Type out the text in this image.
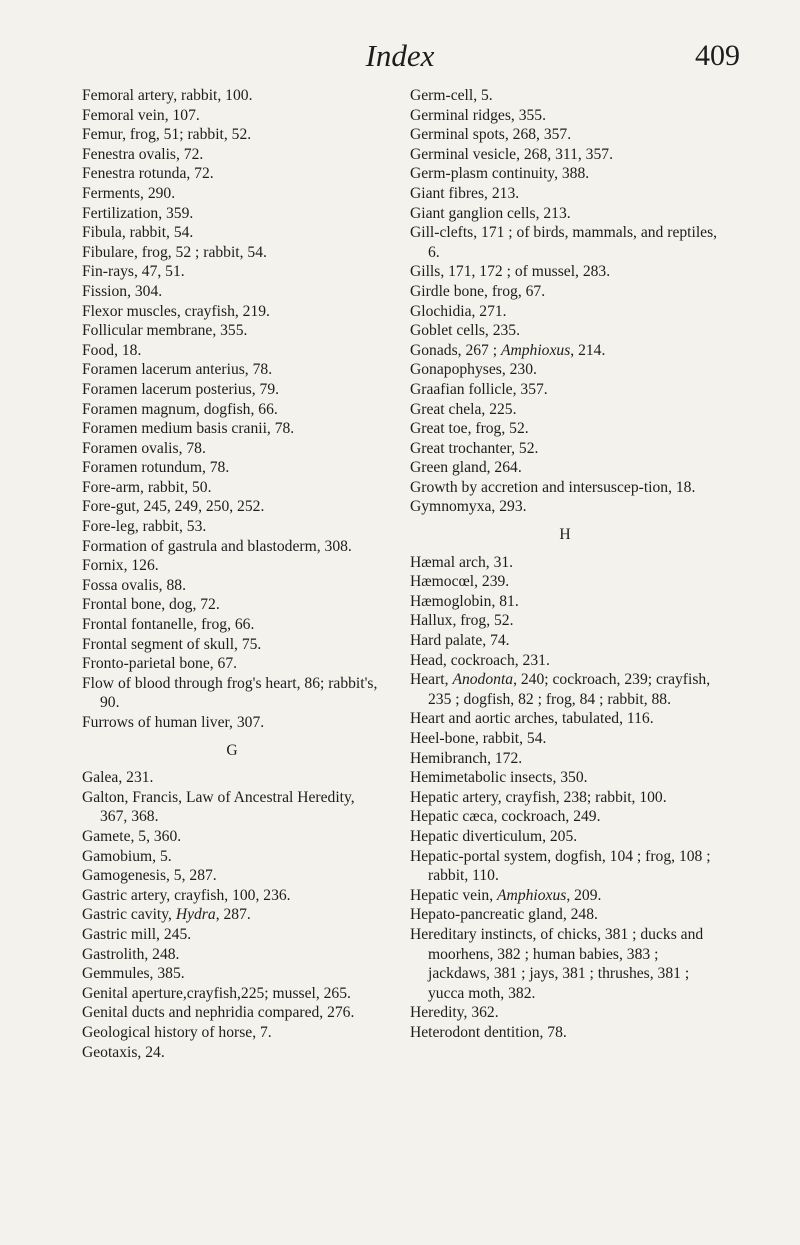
Index	409
Femoral artery, rabbit, 100.
Femoral vein, 107.
Femur, frog, 51; rabbit, 52.
Fenestra ovalis, 72.
Fenestra rotunda, 72.
Ferments, 290.
Fertilization, 359.
Fibula, rabbit, 54.
Fibulare, frog, 52 ; rabbit, 54.
Fin-rays, 47, 51.
Fission, 304.
Flexor muscles, crayfish, 219.
Follicular membrane, 355.
Food, 18.
Foramen lacerum anterius, 78.
Foramen lacerum posterius, 79.
Foramen magnum, dogfish, 66.
Foramen medium basis cranii, 78.
Foramen ovalis, 78.
Foramen rotundum, 78.
Fore-arm, rabbit, 50.
Fore-gut, 245, 249, 250, 252.
Fore-leg, rabbit, 53.
Formation of gastrula and blastoderm, 308.
Fornix, 126.
Fossa ovalis, 88.
Frontal bone, dog, 72.
Frontal fontanelle, frog, 66.
Frontal segment of skull, 75.
Fronto-parietal bone, 67.
Flow of blood through frog's heart, 86; rabbit's, 90.
Furrows of human liver, 307.
G
Galea, 231.
Galton, Francis, Law of Ancestral Heredity, 367, 368.
Gamete, 5, 360.
Gamobium, 5.
Gamogenesis, 5, 287.
Gastric artery, crayfish, 100, 236.
Gastric cavity, Hydra, 287.
Gastric mill, 245.
Gastrolith, 248.
Gemmules, 385.
Genital aperture,crayfish,225; mussel, 265.
Genital ducts and nephridia compared, 276.
Geological history of horse, 7.
Geotaxis, 24.
Germ-cell, 5.
Germinal ridges, 355.
Germinal spots, 268, 357.
Germinal vesicle, 268, 311, 357.
Germ-plasm continuity, 388.
Giant fibres, 213.
Giant ganglion cells, 213.
Gill-clefts, 171 ; of birds, mammals, and reptiles, 6.
Gills, 171, 172 ; of mussel, 283.
Girdle bone, frog, 67.
Glochidia, 271.
Goblet cells, 235.
Gonads, 267 ; Amphioxus, 214.
Gonapophyses, 230.
Graafian follicle, 357.
Great chela, 225.
Great toe, frog, 52.
Great trochanter, 52.
Green gland, 264.
Growth by accretion and intersuscep-tion, 18.
Gymnomyxa, 293.
H
Hæmal arch, 31.
Hæmocœl, 239.
Hæmoglobin, 81.
Hallux, frog, 52.
Hard palate, 74.
Head, cockroach, 231.
Heart, Anodonta, 240; cockroach, 239; crayfish, 235 ; dogfish, 82 ; frog, 84 ; rabbit, 88.
Heart and aortic arches, tabulated, 116.
Heel-bone, rabbit, 54.
Hemibranch, 172.
Hemimetabolic insects, 350.
Hepatic artery, crayfish, 238; rabbit, 100.
Hepatic cæca, cockroach, 249.
Hepatic diverticulum, 205.
Hepatic-portal system, dogfish, 104 ; frog, 108 ; rabbit, 110.
Hepatic vein, Amphioxus, 209.
Hepato-pancreatic gland, 248.
Hereditary instincts, of chicks, 381 ; ducks and moorhens, 382 ; human babies, 383 ; jackdaws, 381 ; jays, 381 ; thrushes, 381 ; yucca moth, 382.
Heredity, 362.
Heterodont dentition, 78.
